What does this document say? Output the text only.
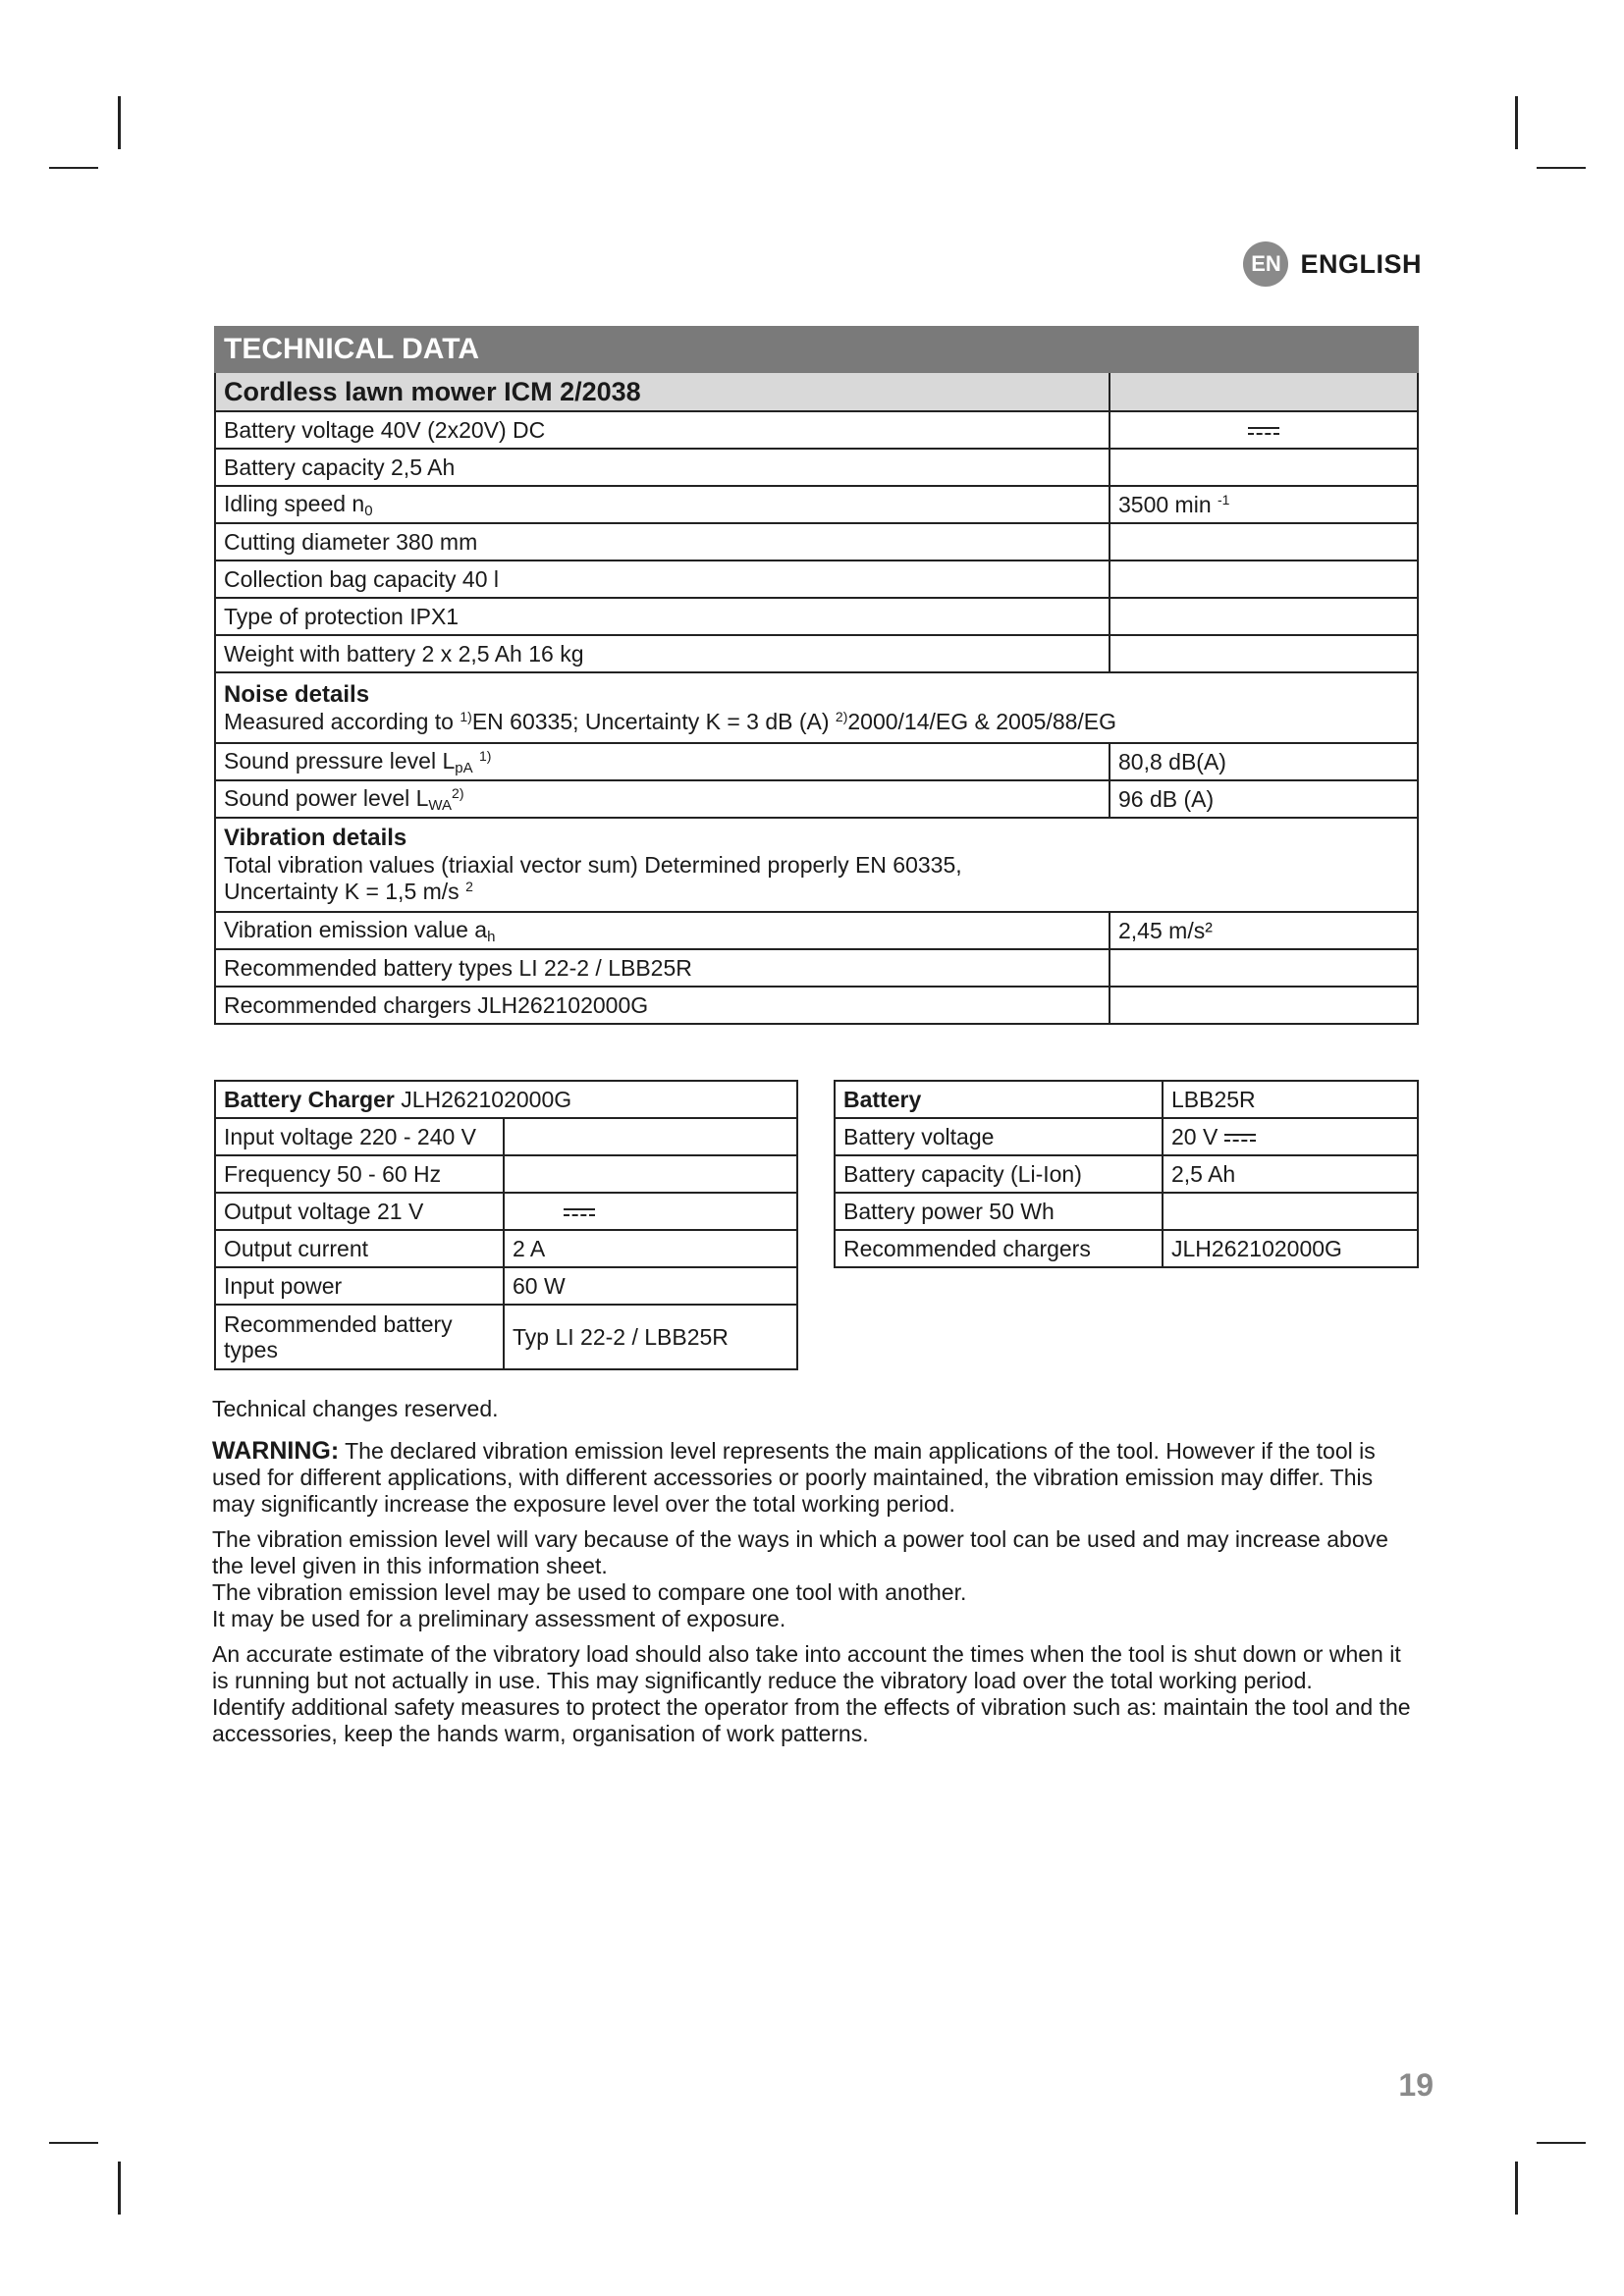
EN ENGLISH
TECHNICAL DATA	
Cordless lawn mower ICM 2/2038	
Battery voltage 40V (2x20V) DC	
Battery capacity 2,5 Ah	
Idling speed $n_0$	3500 min $^{-1}$
Cutting diameter 380 mm	
Collection bag capacity 40 l	
Type of protection IPX1	
Weight with battery 2 x 2,5 Ah 16 kg	

Noise details
Measured according to $^{1)}$EN 60335; Uncertainty K = 3 dB (A) $^{2)}$2000/14/EG & 2005/88/EG	

Sound pressure level $L_{pA}$ $^{1)}$	80,8 dB(A)
Sound power level $L_{WA}^{2)}$	96 dB (A)

Vibration details
Total vibration values (triaxial vector sum) Determined properly EN 60335,
Uncertainty K = 1,5 m/s $^2$

Vibration emission value $a_h$	2,45 m/s²
Recommended battery types LI 22-2 / LBB25R	
Recommended chargers JLH262102000G	
Battery Charger JLH262102000G	
Input voltage 220 - 240 V	
Frequency 50 - 60 Hz	
Output voltage 21 V	
Output current	2 A
Input power	60 W
Recommended battery types	Typ LI 22-2 / LBB25R
Battery	LBB25R
Battery voltage	20 V
Battery capacity (Li-Ion)	2,5 Ah
Battery power 50 Wh	
Recommended chargers	JLH262102000G

Technical changes reserved.

WARNING: The declared vibration emission level represents the main applications of the tool. However if the tool is used for different applications, with different accessories or poorly maintained, the vibration emission may differ. This may significantly increase the exposure level over the total working period.

The vibration emission level will vary because of the ways in which a power tool can be used and may increase above the level given in this information sheet.

The vibration emission level may be used to compare one tool with another.

It may be used for a preliminary assessment of exposure.

An accurate estimate of the vibratory load should also take into account the times when the tool is shut down or when it is running but not actually in use. This may significantly reduce the vibratory load over the total working period.

Identify additional safety measures to protect the operator from the effects of vibration such as: maintain the tool and the accessories, keep the hands warm, organisation of work patterns.

19
